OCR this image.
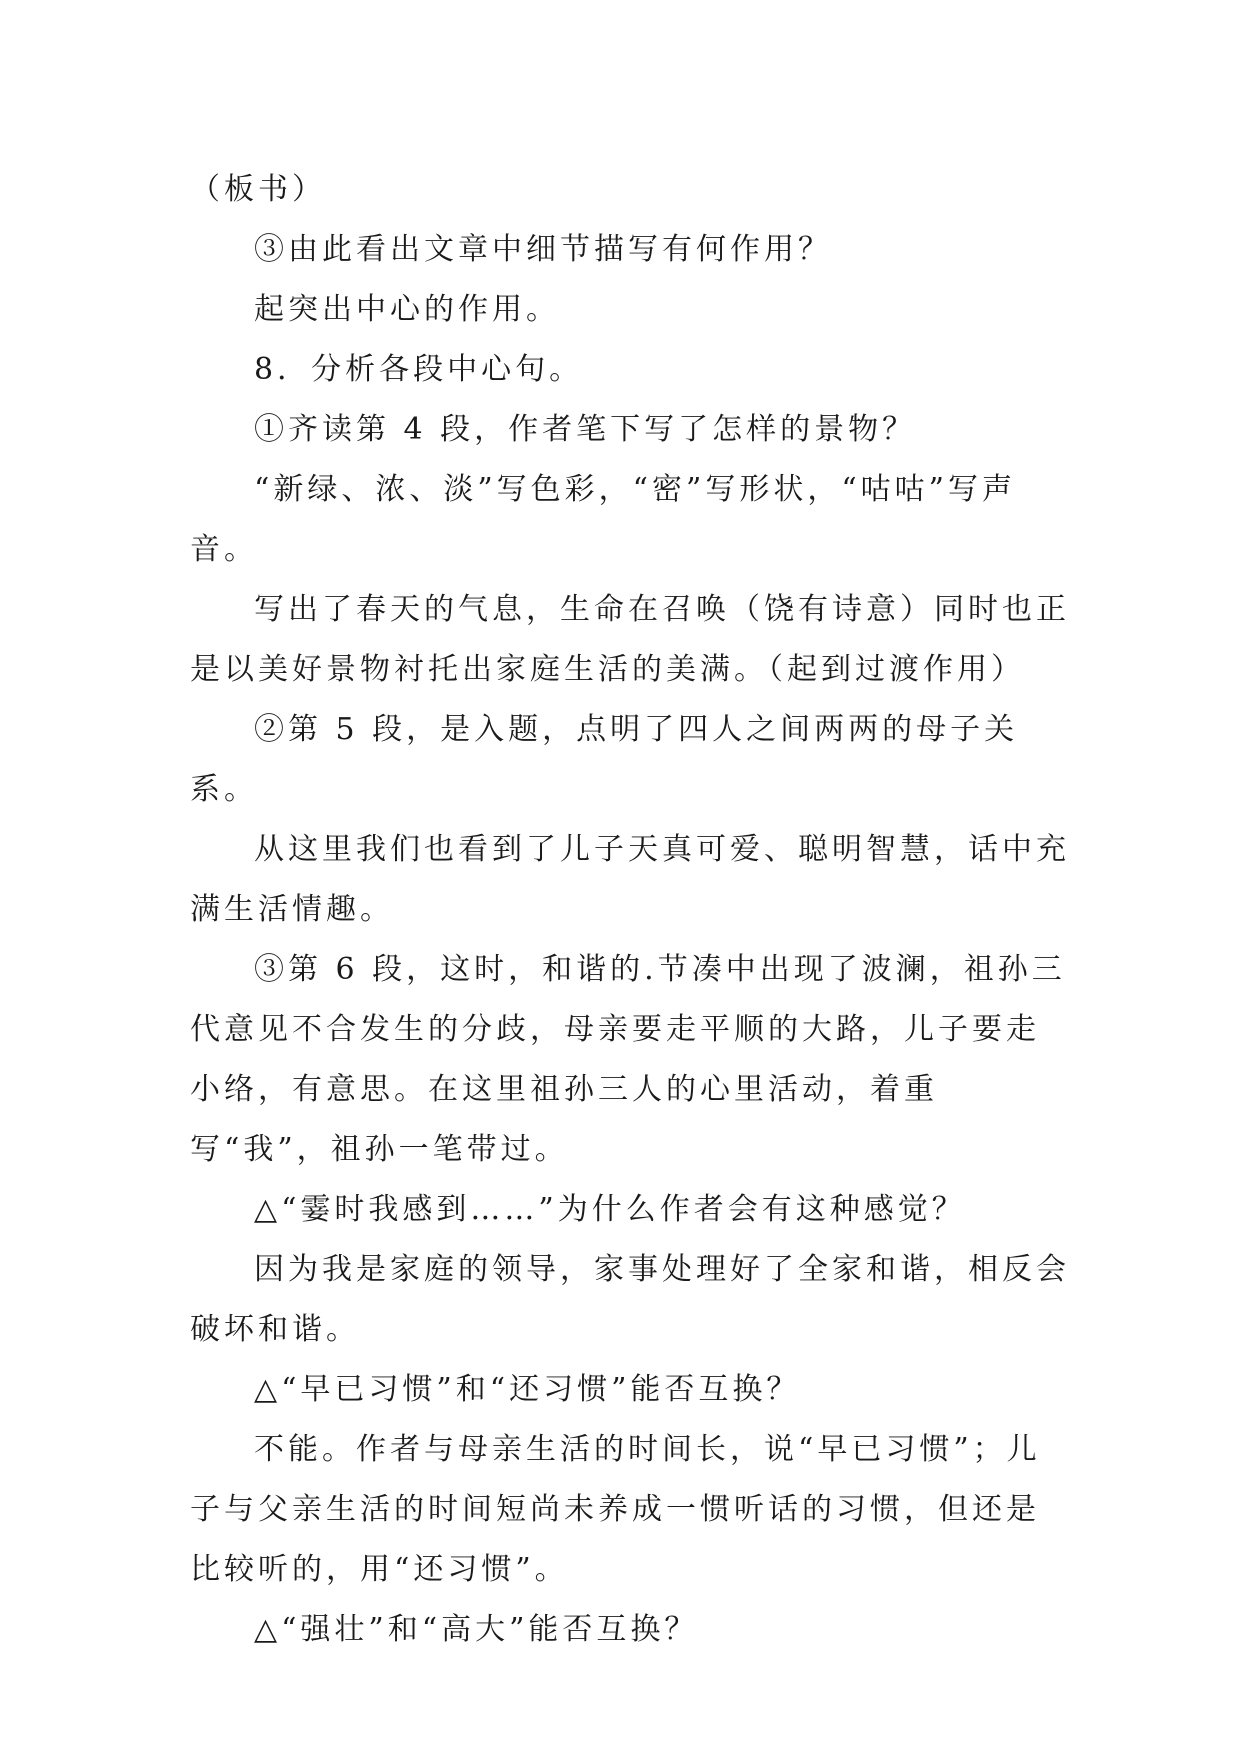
（板书）

③由此看出文章中细节描写有何作用？

起突出中心的作用。

8．分析各段中心句。

①齐读第 4 段，作者笔下写了怎样的景物？

“新绿、浓、淡”写色彩，“密”写形状，“咕咕”写声音。

写出了春天的气息，生命在召唤（饶有诗意）同时也正是以美好景物衬托出家庭生活的美满。（起到过渡作用）

②第 5 段，是入题，点明了四人之间两两的母子关系。

从这里我们也看到了儿子天真可爱、聪明智慧，话中充满生活情趣。

③第 6 段，这时，和谐的.节凑中出现了波澜，祖孙三代意见不合发生的分歧，母亲要走平顺的大路，儿子要走小络，有意思。在这里祖孙三人的心里活动，着重写“我”，祖孙一笔带过。

△“霎时我感到……”为什么作者会有这种感觉？

因为我是家庭的领导，家事处理好了全家和谐，相反会破坏和谐。

△“早已习惯”和“还习惯”能否互换？

不能。作者与母亲生活的时间长，说“早已习惯”；儿子与父亲生活的时间短尚未养成一惯听话的习惯，但还是比较听的，用“还习惯”。

△“强壮”和“高大”能否互换？
